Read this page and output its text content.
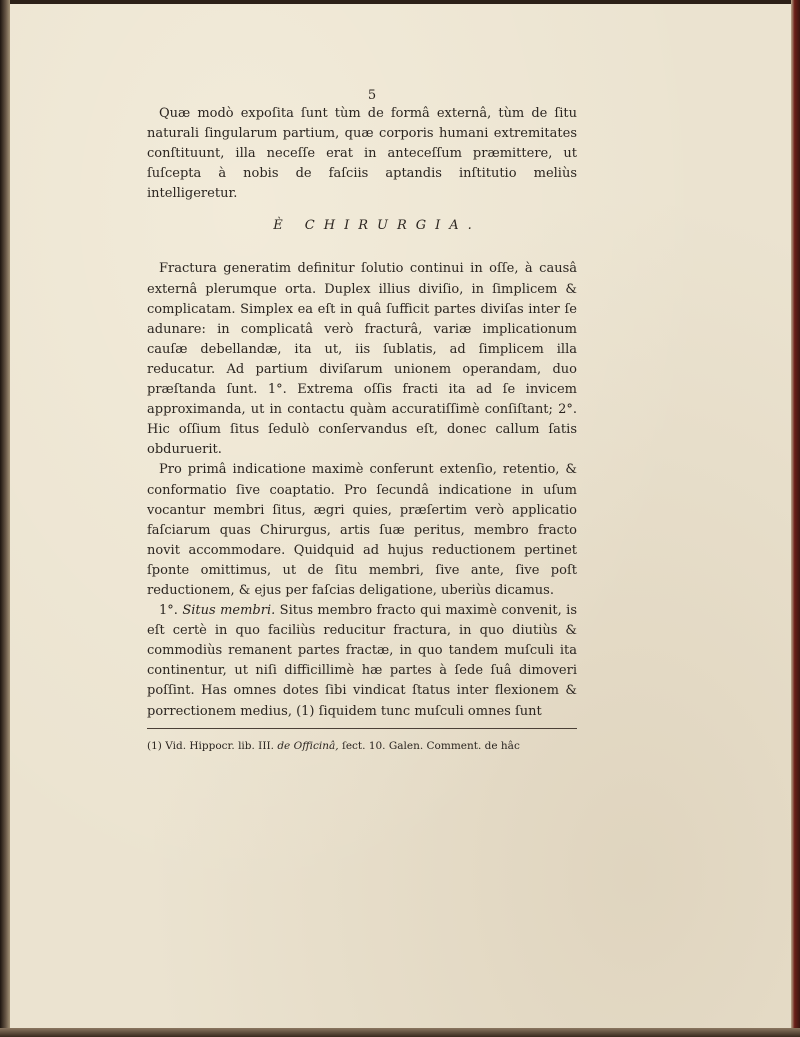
5

Quæ modò expoſita ſunt tùm de formâ externâ, tùm de ſitu naturali ſingularum partium, quæ corporis humani extremitates conſtituunt, illa neceſſe erat in anteceſſum præmittere, ut ſuſcepta à nobis de faſciis aptandis inſtitutio meliùs intelligeretur.

È CHIRURGIA.

Fractura generatim definitur ſolutio continui in oſſe, à causâ externâ plerumque orta. Duplex illius diviſio, in ſimplicem & complicatam. Simplex ea eſt in quâ ſufficit partes diviſas inter ſe adunare: in complicatâ verò fracturâ, variæ implicationum cauſæ debellandæ, ita ut, iis ſublatis, ad ſimplicem illa reducatur. Ad partium diviſarum unionem operandam, duo præſtanda ſunt. 1°. Extrema oſſis fracti ita ad ſe invicem approximanda, ut in contactu quàm accuratiſſimè conſiſtant; 2°. Hic oſſium ſitus ſedulò conſervandus eſt, donec callum ſatis obduruerit.

Pro primâ indicatione maximè conferunt extenſio, retentio, & conformatio ſive coaptatio. Pro ſecundâ indicatione in uſum vocantur membri ſitus, ægri quies, præſertim verò applicatio faſciarum quas Chirurgus, artis ſuæ peritus, membro fracto novit accommodare. Quidquid ad hujus reductionem pertinet ſponte omittimus, ut de ſitu membri, ſive ante, ſive poſt reductionem, & ejus per faſcias deligatione, uberiùs dicamus.

1°. Situs membri. Situs membro fracto qui maximè convenit, is eſt certè in quo faciliùs reducitur fractura, in quo diutiùs & commodiùs remanent partes fractæ, in quo tandem muſculi ita continentur, ut niſi difficillimè hæ partes à ſede ſuâ dimoveri poſſint. Has omnes dotes ſibi vindicat ſtatus inter flexionem & porrectionem medius, (1) ſiquidem tunc muſculi omnes ſunt

(1) Vid. Hippocr. lib. III. de Officinâ, ſect. 10. Galen. Comment. de hâc
